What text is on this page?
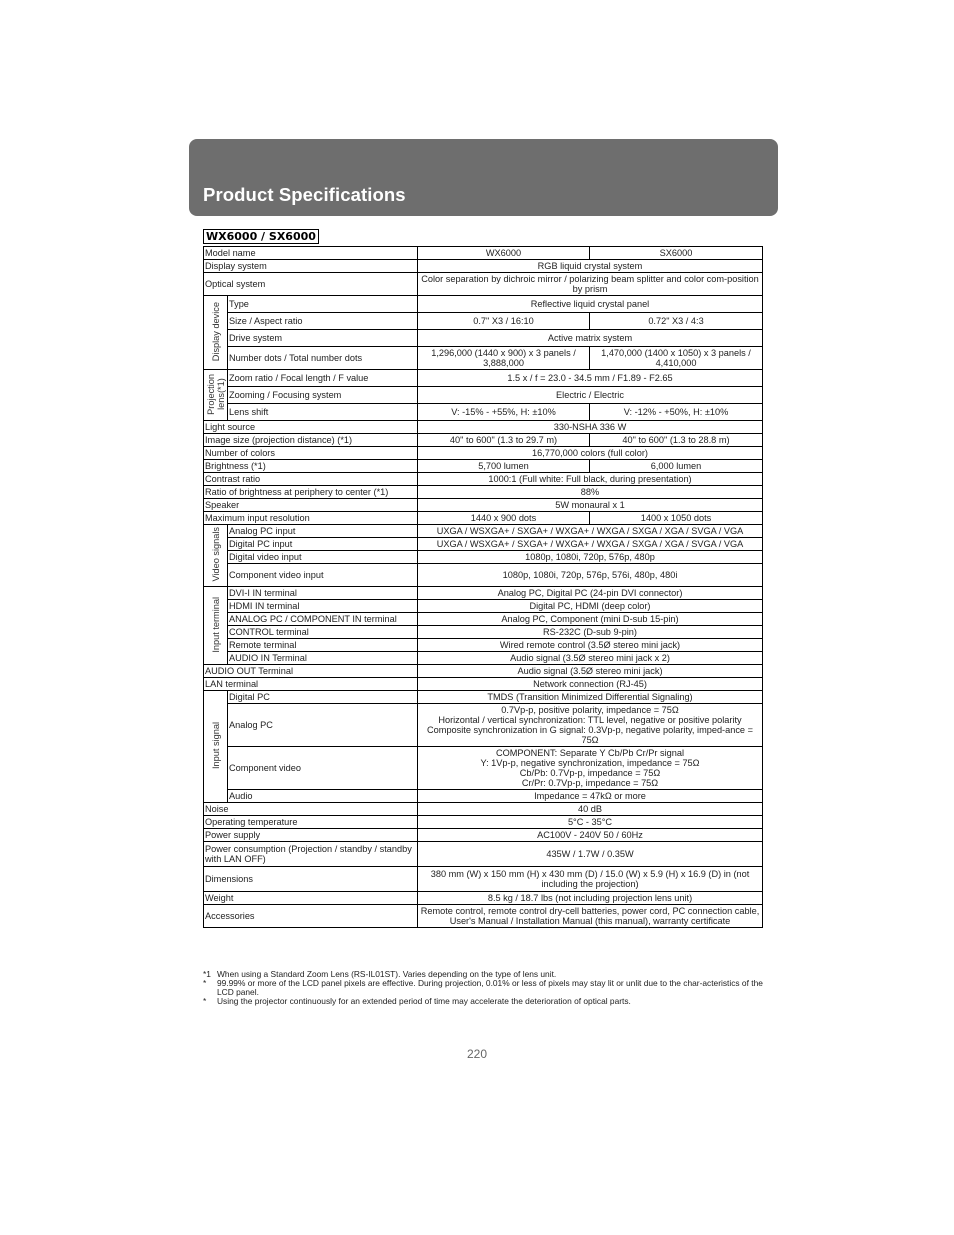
Product Specifications
WX6000 / SX6000
Model name		WX6000	SX6000
Display system		RGB liquid crystal system	
Optical system		Color separation by dichroic mirror / polarizing beam splitter and color com-position by prism	
Display device	Type	Reflective liquid crystal panel	
	Size / Aspect ratio	0.7" X3 / 16:10	0.72" X3 / 4:3
	Drive system	Active matrix system	
	Number dots / Total number dots	1,296,000 (1440 x 900) x 3 panels / 3,888,000	1,470,000 (1400 x 1050) x 3 panels / 4,410,000
Projection
lens(*1)	Zoom ratio / Focal length / F value	1.5 x / f = 23.0 - 34.5 mm / F1.89 - F2.65	
	Zooming / Focusing system	Electric / Electric	
	Lens shift	V: -15% - +55%, H: ±10%	V: -12% - +50%, H: ±10%
Light source		330-NSHA 336 W	
Image size (projection distance) (*1)		40" to 600" (1.3 to 29.7 m)	40" to 600" (1.3 to 28.8 m)
Number of colors		16,770,000 colors (full color)	
Brightness (*1)		5,700 lumen	6,000 lumen
Contrast ratio		1000:1 (Full white: Full black, during presentation)	
Ratio of brightness at periphery to center (*1)		88%	
Speaker		5W monaural x 1	
Maximum input resolution		1440 x 900 dots	1400 x 1050 dots
Video signals	Analog PC input	UXGA / WSXGA+ / SXGA+ / WXGA+ / WXGA / SXGA / XGA / SVGA / VGA	
	Digital PC input	UXGA / WSXGA+ / SXGA+ / WXGA+ / WXGA / SXGA / XGA / SVGA / VGA	
	Digital video input	1080p, 1080i, 720p, 576p, 480p	
	Component video input	1080p, 1080i, 720p, 576p, 576i, 480p, 480i	
Input terminal	DVI-I IN terminal	Analog PC, Digital PC (24-pin DVI connector)	
	HDMI IN terminal	Digital PC, HDMI (deep color)	
	ANALOG PC / COMPONENT IN terminal	Analog PC, Component (mini D-sub 15-pin)	
	CONTROL terminal	RS-232C (D-sub 9-pin)	
	Remote terminal	Wired remote control (3.5Ø stereo mini jack)	
	AUDIO IN Terminal	Audio signal (3.5Ø stereo mini jack x 2)	
AUDIO OUT Terminal		Audio signal (3.5Ø stereo mini jack)	
LAN terminal		Network connection (RJ-45)	
Input signal	Digital PC	TMDS (Transition Minimized Differential Signaling)	
	Analog PC	0.7Vp-p, positive polarity, impedance = 75Ω
Horizontal / vertical synchronization: TTL level, negative or positive polarity
Composite synchronization in G signal: 0.3Vp-p, negative polarity, imped-ance = 75Ω	

	Component video	COMPONENT: Separate Y Cb/Pb Cr/Pr signal
Y: 1Vp-p, negative synchronization, impedance = 75Ω
Cb/Pb: 0.7Vp-p, impedance = 75Ω
Cr/Pr: 0.7Vp-p, impedance = 75Ω	

	Audio	Impedance = 47kΩ or more	
Noise		40 dB	
Operating temperature		5°C - 35°C	
Power supply		AC100V - 240V 50 / 60Hz	
Power consumption (Projection / standby / standby with LAN OFF)		435W / 1.7W / 0.35W	
Dimensions		380 mm (W) x 150 mm (H) x 430 mm (D) / 15.0 (W) x 5.9 (H) x 16.9 (D) in (not including the projection)	
Weight		8.5 kg / 18.7 lbs (not including projection lens unit)	
Accessories		Remote control, remote control dry-cell batteries, power cord, PC connection cable, User's Manual / Installation Manual (this manual), warranty certificate	
*1 When using a Standard Zoom Lens (RS-IL01ST). Varies depending on the type of lens unit.
*	99.99% or more of the LCD panel pixels are effective. During projection, 0.01% or less of pixels may stay lit or unlit due to the char-acteristics of the LCD panel.
*	Using the projector continuously for an extended period of time may accelerate the deterioration of optical parts.
220
